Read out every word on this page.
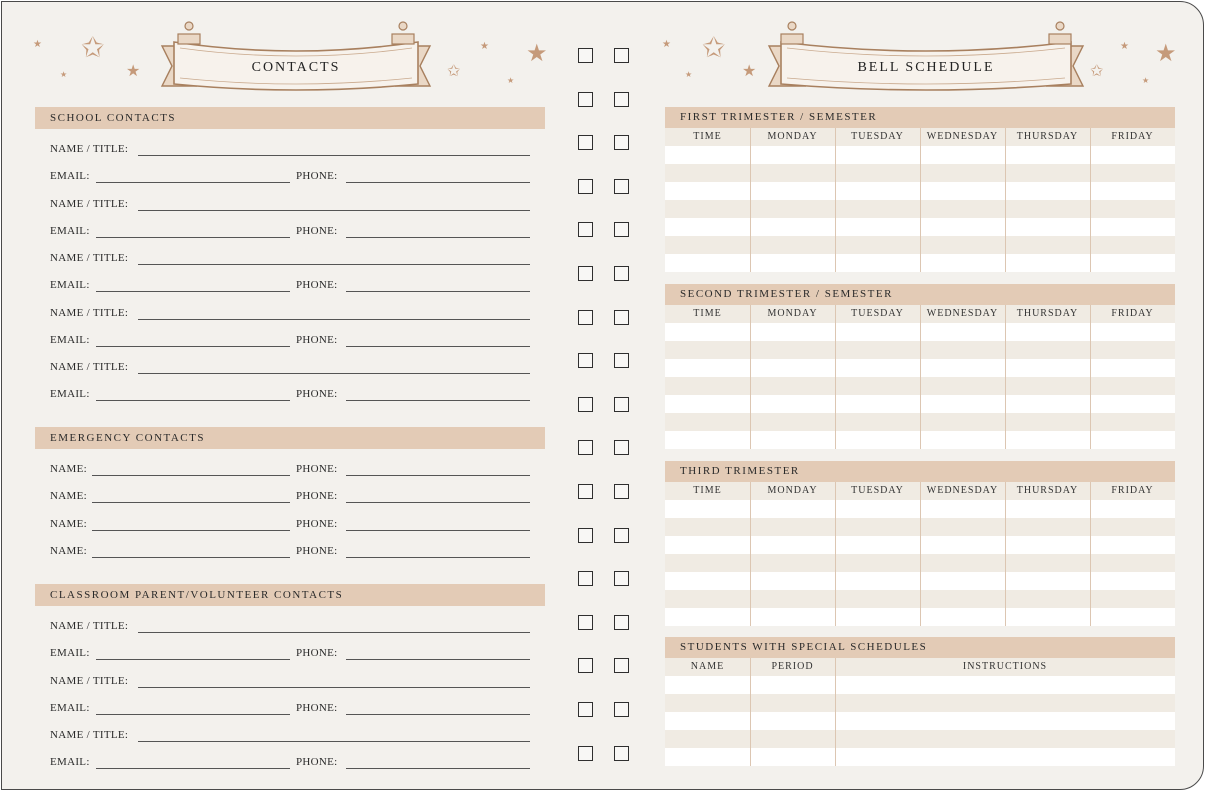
★ ✩
★	★	✩
★ ★
★
★ ✩
★	★	✩
★ ★
★
CONTACTS	BELL SCHEDULE
SCHOOL CONTACTS
EMERGENCY CONTACTS
CLASSROOM PARENT/VOLUNTEER CONTACTS
FIRST TRIMESTER / SEMESTER
TIME	MONDAY	TUESDAY	WEDNESDAY	THURSDAY	FRIDAY
SECOND TRIMESTER / SEMESTER
TIME	MONDAY	TUESDAY	WEDNESDAY	THURSDAY	FRIDAY
THIRD TRIMESTER
TIME	MONDAY	TUESDAY	WEDNESDAY	THURSDAY	FRIDAY
STUDENTS WITH SPECIAL SCHEDULES
NAME	PERIOD	INSTRUCTIONS
NAME / TITLE:
EMAIL:	PHONE:
NAME / TITLE:
EMAIL:	PHONE:
NAME / TITLE:
EMAIL:	PHONE:
NAME / TITLE:
EMAIL:	PHONE:
NAME / TITLE:
EMAIL:	PHONE:
NAME:	PHONE:
NAME:	PHONE:
NAME:	PHONE:
NAME:	PHONE:
NAME / TITLE:
EMAIL:	PHONE:
NAME / TITLE:
EMAIL:	PHONE:
NAME / TITLE:
EMAIL:	PHONE:
